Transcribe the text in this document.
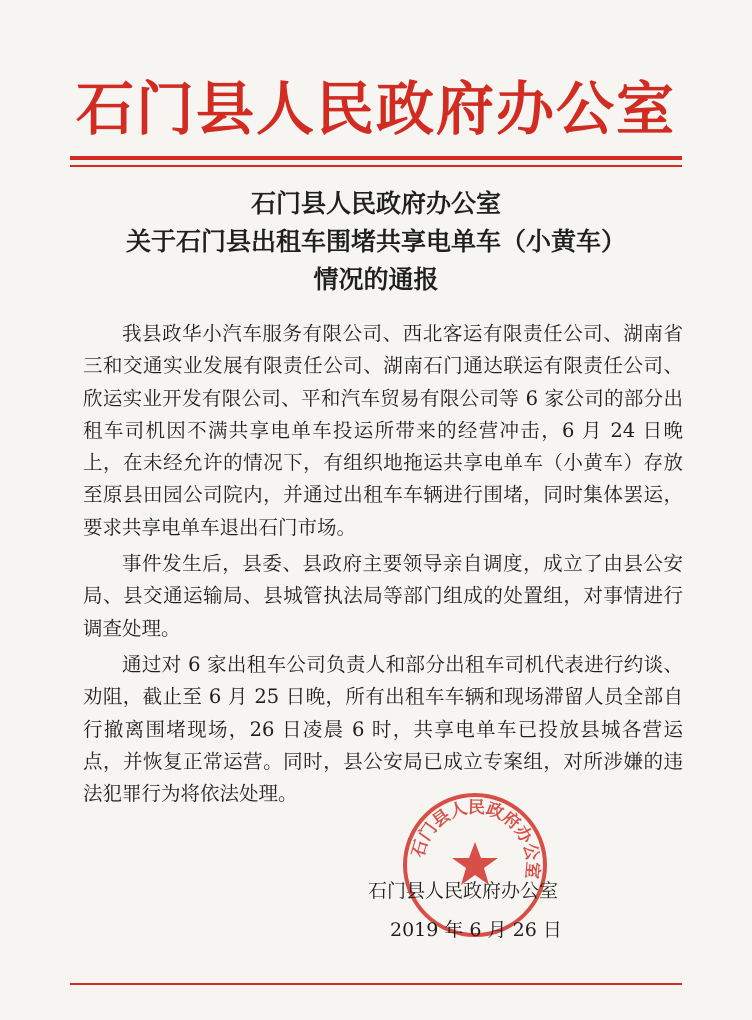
石门县人民政府办公室
石门县人民政府办公室
关于石门县出租车围堵共享电单车（小黄车）
情况的通报

我县政华小汽车服务有限公司、西北客运有限责任公司、湖南省三和交通实业发展有限责任公司、湖南石门通达联运有限责任公司、欣运实业开发有限公司、平和汽车贸易有限公司等 6 家公司的部分出租车司机因不满共享电单车投运所带来的经营冲击，6 月 24 日晚上，在未经允许的情况下，有组织地拖运共享电单车（小黄车）存放至原县田园公司院内，并通过出租车车辆进行围堵，同时集体罢运，要求共享电单车退出石门市场。

事件发生后，县委、县政府主要领导亲自调度，成立了由县公安局、县交通运输局、县城管执法局等部门组成的处置组，对事情进行调查处理。

通过对 6 家出租车公司负责人和部分出租车司机代表进行约谈、劝阻，截止至 6 月 25 日晚，所有出租车车辆和现场滞留人员全部自行撤离围堵现场，26 日凌晨 6 时，共享电单车已投放县城各营运点，并恢复正常运营。同时，县公安局已成立专案组，对所涉嫌的违法犯罪行为将依法处理。

石门县人民政府办公室
石门县人民政府办公室
2019 年 6 月 26 日
